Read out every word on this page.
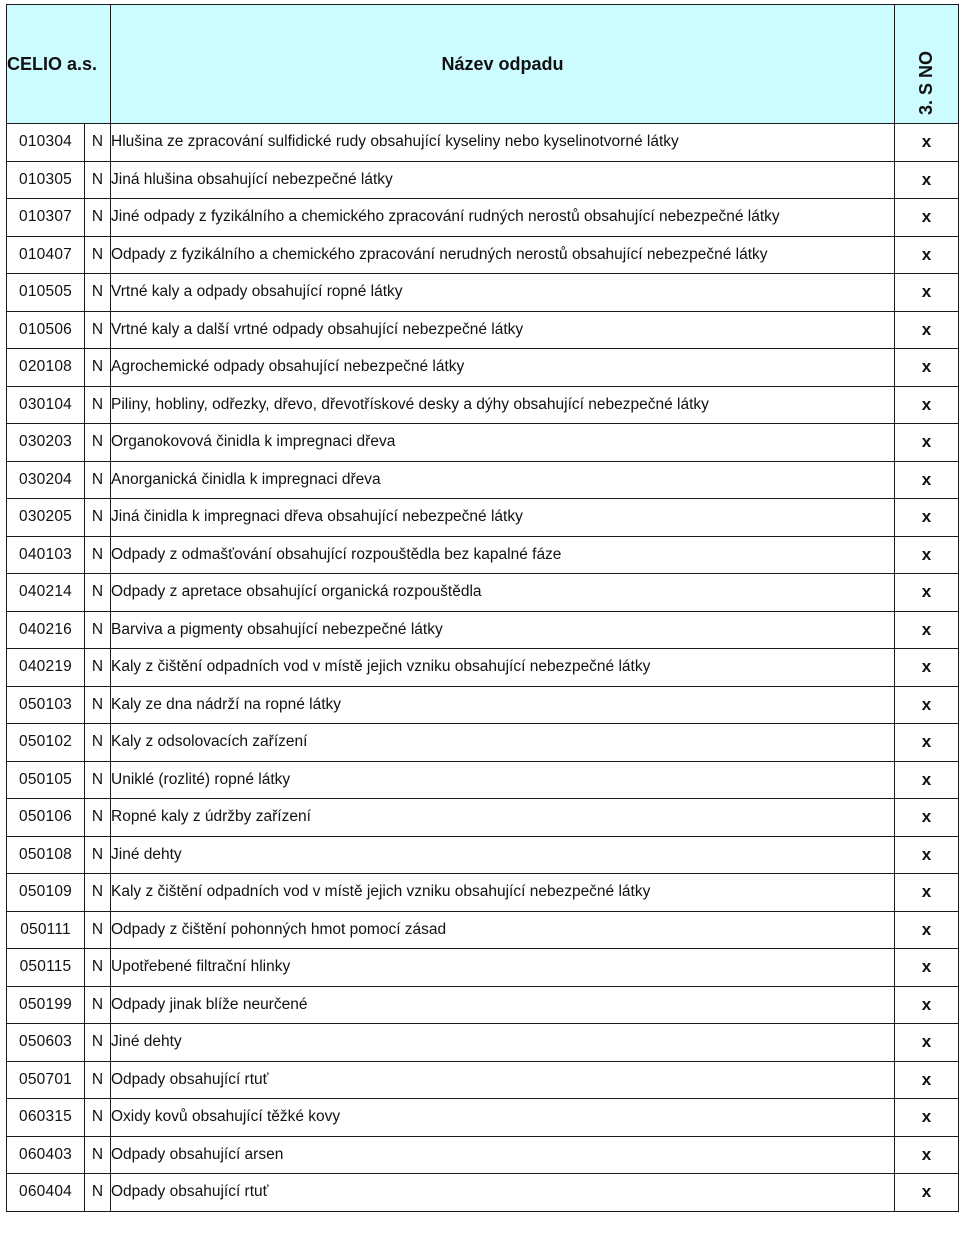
CELIO a.s.		Název odpadu	3. S NO

010304	N	Hlušina ze zpracování sulfidické rudy obsahující kyseliny nebo kyselinotvorné látky	x
010305	N	Jiná hlušina obsahující nebezpečné látky	x
010307	N	Jiné odpady z fyzikálního a chemického zpracování rudných nerostů obsahující nebezpečné látky	x
010407	N	Odpady z fyzikálního a chemického zpracování nerudných nerostů obsahující nebezpečné látky	x
010505	N	Vrtné kaly a odpady obsahující ropné látky	x
010506	N	Vrtné kaly a další vrtné odpady obsahující nebezpečné látky	x
020108	N	Agrochemické odpady obsahující nebezpečné látky	x
030104	N	Piliny, hobliny, odřezky, dřevo, dřevotřískové desky a dýhy obsahující nebezpečné látky	x
030203	N	Organokovová činidla k impregnaci dřeva	x
030204	N	Anorganická činidla k impregnaci dřeva	x
030205	N	Jiná činidla k impregnaci dřeva obsahující nebezpečné látky	x
040103	N	Odpady z odmašťování obsahující rozpouštědla bez kapalné fáze	x
040214	N	Odpady z apretace obsahující organická rozpouštědla	x
040216	N	Barviva a pigmenty obsahující nebezpečné látky	x
040219	N	Kaly z čištění odpadních vod v místě jejich vzniku obsahující nebezpečné látky	x
050103	N	Kaly ze dna nádrží na ropné látky	x
050102	N	Kaly z odsolovacích zařízení	x
050105	N	Uniklé (rozlité) ropné látky	x
050106	N	Ropné kaly z údržby zařízení	x
050108	N	Jiné dehty	x
050109	N	Kaly z čištění odpadních vod v místě jejich vzniku obsahující nebezpečné látky	x
050111	N	Odpady z čištění pohonných hmot pomocí zásad	x
050115	N	Upotřebené filtrační hlinky	x
050199	N	Odpady jinak blíže neurčené	x
050603	N	Jiné dehty	x
050701	N	Odpady obsahující rtuť	x
060315	N	Oxidy kovů obsahující těžké kovy	x
060403	N	Odpady obsahující arsen	x
060404	N	Odpady obsahující rtuť	x
